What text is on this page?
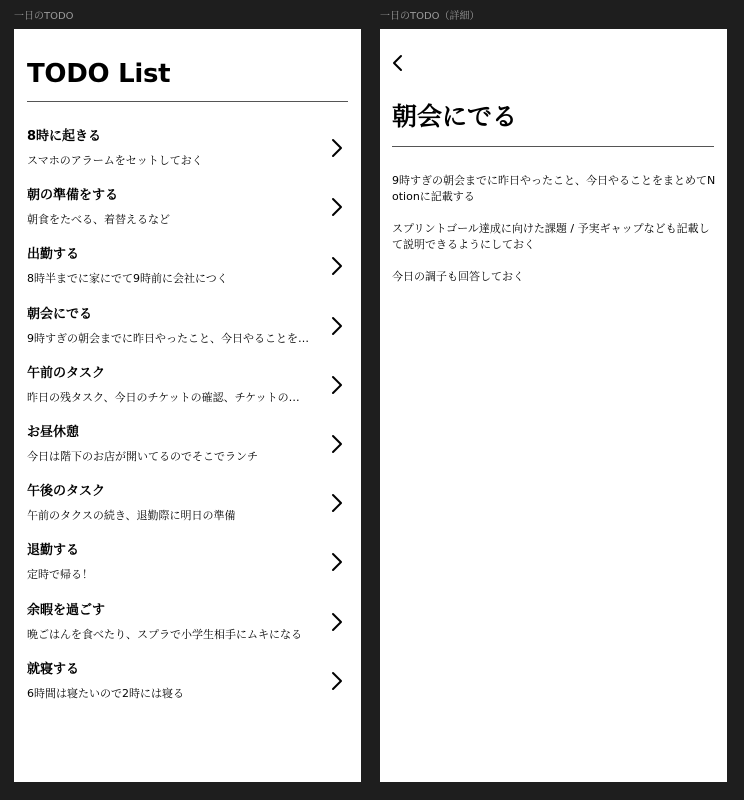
一日のTODO	一日のTODO（詳細）
TODO List
8時に起きる
スマホのアラームをセットしておく
朝の準備をする
朝食をたべる、着替えるなど
出勤する
8時半までに家にでて9時前に会社につく
朝会にでる
9時すぎの朝会までに昨日やったこと、今日やることを…
午前のタスク
昨日の残タスク、今日のチケットの確認、チケットの…
お昼休憩
今日は階下のお店が開いてるのでそこでランチ
午後のタスク
午前のタクスの続き、退勤際に明日の準備
退勤する
定時で帰る！
余暇を過ごす
晩ごはんを食べたり、スプラで小学生相手にムキになる
就寝する
6時間は寝たいので2時には寝る
朝会にでる

9時すぎの朝会までに昨日やったこと、今日やることをまとめてNotionに記載する

スプリントゴール達成に向けた課題 / 予実ギャップなども記載して説明できるようにしておく

今日の調子も回答しておく
